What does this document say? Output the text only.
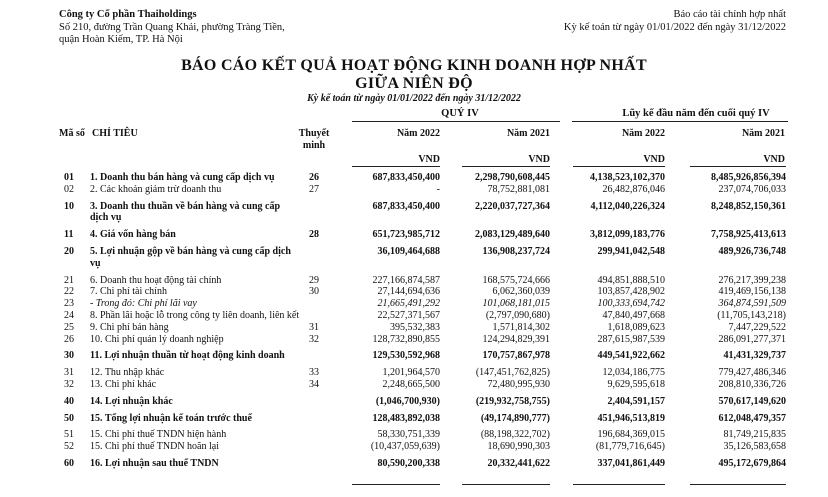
Công ty Cổ phần Thaiholdings
Số 210, đường Trần Quang Khải, phường Tràng Tiền,
quận Hoàn Kiếm, TP. Hà Nội
Báo cáo tài chính hợp nhất
Kỳ kế toán từ ngày 01/01/2022 đến ngày 31/12/2022
BÁO CÁO KẾT QUẢ HOẠT ĐỘNG KINH DOANH HỢP NHẤT
GIỮA NIÊN ĐỘ
Kỳ kế toán từ ngày 01/01/2022 đến ngày 31/12/2022
QUÝ IV	Lũy kế đầu năm đến cuối quý IV
Mã số CHỈ TIÊU	Thuyết
minh
Năm 2022	Năm 2021	Năm 2022	Năm 2021
VND	VND	VND	VND
01	1. Doanh thu bán hàng và cung cấp dịch vụ	26	687,833,450,400	2,298,790,608,445	4,138,523,102,370	8,485,926,856,394	
02	2. Các khoản giảm trừ doanh thu	27	-	78,752,881,081	26,482,876,046	237,074,706,033	
10	3. Doanh thu thuần về bán hàng và cung cấp dịch vụ		687,833,450,400	2,220,037,727,364	4,112,040,226,324	8,248,852,150,361	
11	4. Giá vốn hàng bán	28	651,723,985,712	2,083,129,489,640	3,812,099,183,776	7,758,925,413,613	
20	5. Lợi nhuận gộp về bán hàng và cung cấp dịch vụ		36,109,464,688	136,908,237,724	299,941,042,548	489,926,736,748	
21	6. Doanh thu hoạt động tài chính	29	227,166,874,587	168,575,724,666	494,851,888,510	276,217,399,238	
22	7. Chi phí tài chính	30	27,144,694,636	6,062,360,039	103,857,428,902	419,469,156,138	
23	- Trong đó: Chi phí lãi vay		21,665,491,292	101,068,181,015	100,333,694,742	364,874,591,509	
24	8. Phần lãi hoặc lỗ trong công ty liên doanh, liên kết		22,527,371,567	(2,797,090,680)	47,840,497,668	(11,705,143,218)	
25	9. Chi phí bán hàng	31	395,532,383	1,571,814,302	1,618,089,623	7,447,229,522	
26	10. Chi phí quản lý doanh nghiệp	32	128,732,890,855	124,294,829,391	287,615,987,539	286,091,277,371	
30	11. Lợi nhuận thuần từ hoạt động kinh doanh		129,530,592,968	170,757,867,978	449,541,922,662	41,431,329,737	
31	12. Thu nhập khác	33	1,201,964,570	(147,451,762,825)	12,034,186,775	779,427,486,346	
32	13. Chi phí khác	34	2,248,665,500	72,480,995,930	9,629,595,618	208,810,336,726	
40	14. Lợi nhuận khác		(1,046,700,930)	(219,932,758,755)	2,404,591,157	570,617,149,620	
50	15. Tổng lợi nhuận kế toán trước thuế		128,483,892,038	(49,174,890,777)	451,946,513,819	612,048,479,357	
51	15. Chi phí thuế TNDN hiện hành		58,330,751,339	(88,198,322,702)	196,684,369,015	81,749,215,835	
52	15. Chi phí thuế TNDN hoãn lại		(10,437,059,639)	18,690,990,303	(81,779,716,645)	35,126,583,658	
60	16. Lợi nhuận sau thuế TNDN		80,590,200,338	20,332,441,622	337,041,861,449	495,172,679,864	
